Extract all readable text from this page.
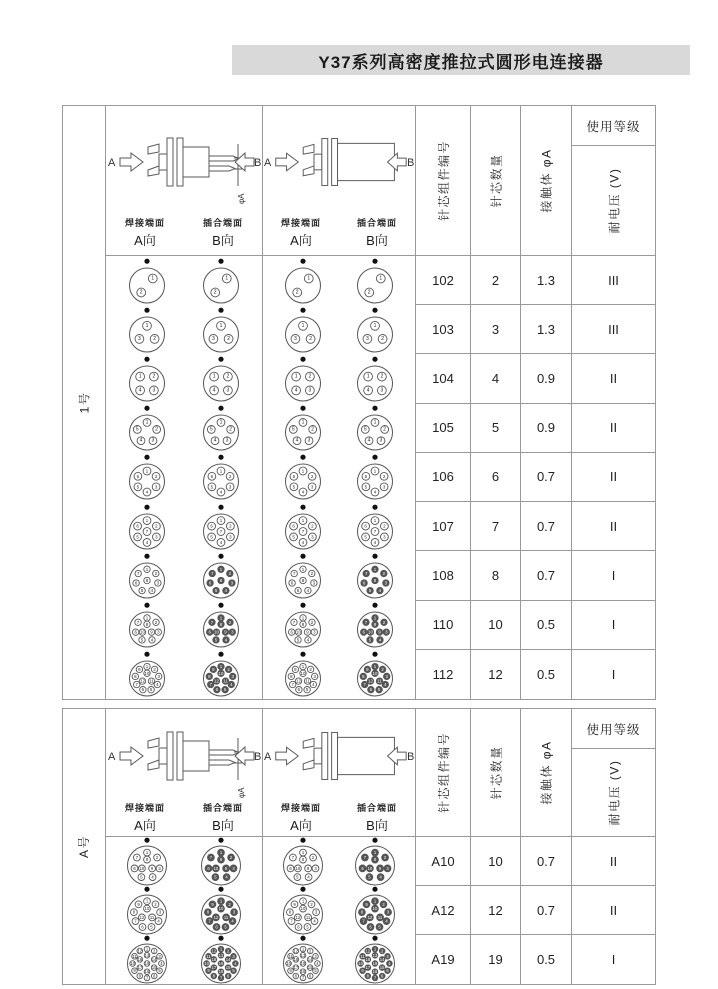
Y37系列高密度推拉式圆形电连接器
1号
A	B
φA
焊接端面
A向
插合端面
B向
A	B
焊接端面
A向
插合端面
B向
针芯组件编号	针芯数量	接触体 φA
使用等级
耐电压 (V)
1
2
1
2
1
2
1
2
102	2	1.3	III
1
2
3
1
2
3
1
2
3
1
2
3
103	3	1.3	III
1 2
3
4
1 2
3
4
1 2
3
4
1 2
3
4
104	4	0.9	II
1
2
3
4
5
1
2
3
4
5
1
2
3
4
5
1
2
3
4
5	105	5	0.9	II
1
2
3
4
5
6
1
2
3
4
5
6
1
2
3
4
5
6
1
2
3
4
5
6	106	6	0.7	II
1
2
3
4
5
6
7
1
2
3
4
5
6
7
1
2
3
4
5
6
7
1
2
3
4
5
6
7	107	7	0.7	II
1
2
3
4
5
6
7
8
1
2
3
4
5
6
7
8
1
2
3
4
5
6
7
8
1
2
3
4
5
6
7
8	108	8	0.7	I
1
2
3
4
5
6
7 8
9
10
1
2
3
4
5
6
7 8
9
10
1
2
3
4
5
6
7 8
9
10
1
2
3
4
5
6
7 8
9
10
110	10	0.5	I
1
2
3
4
5
6
7
8
9
10
11
12
1
2
3
4
5
6
7
8
9
10
11
12
1
2
3
4
5
6
7
8
9
10
11
12
1
2
3
4
5
6
7
8
9
10
11
12	112	12	0.5	I
A号
A	B
φA
焊接端面
A向
插合端面
B向
A	B
焊接端面
A向
插合端面
B向
针芯组件编号	针芯数量	接触体 φA
使用等级
耐电压 (V)
1
2
3
4
5
6
7 8
9
10
1
2
3
4
5
6
7 8
9
10
1
2
3
4
5
6
7 8
9
10
1
2
3
4
5
6
7 8
9
10	A10	10	0.7	II
1
2
3
4
5
6
7
8
9
10
11
12
1
2
3
4
5
6
7
8
9
10
11
12
1
2
3
4
5
6
7
8
9
10
11
12
1
2
3
4
5
6
7
8
9
10
11
12	A12	12	0.7	II
1 2
3
4
5
6
7
8
9
10
11
12
13
14
15
16
17
18
19
1 2
3
4
5
6
7
8
9
10
11
12
13
14
15
16
17
18
19
1 2
3
4
5
6
7
8
9
10
11
12
13
14
15
16
17
18
19
1 2
3
4
5
6
7
8
9
10
11
12
13
14
15
16
17
18
19	A19	19	0.5	I
